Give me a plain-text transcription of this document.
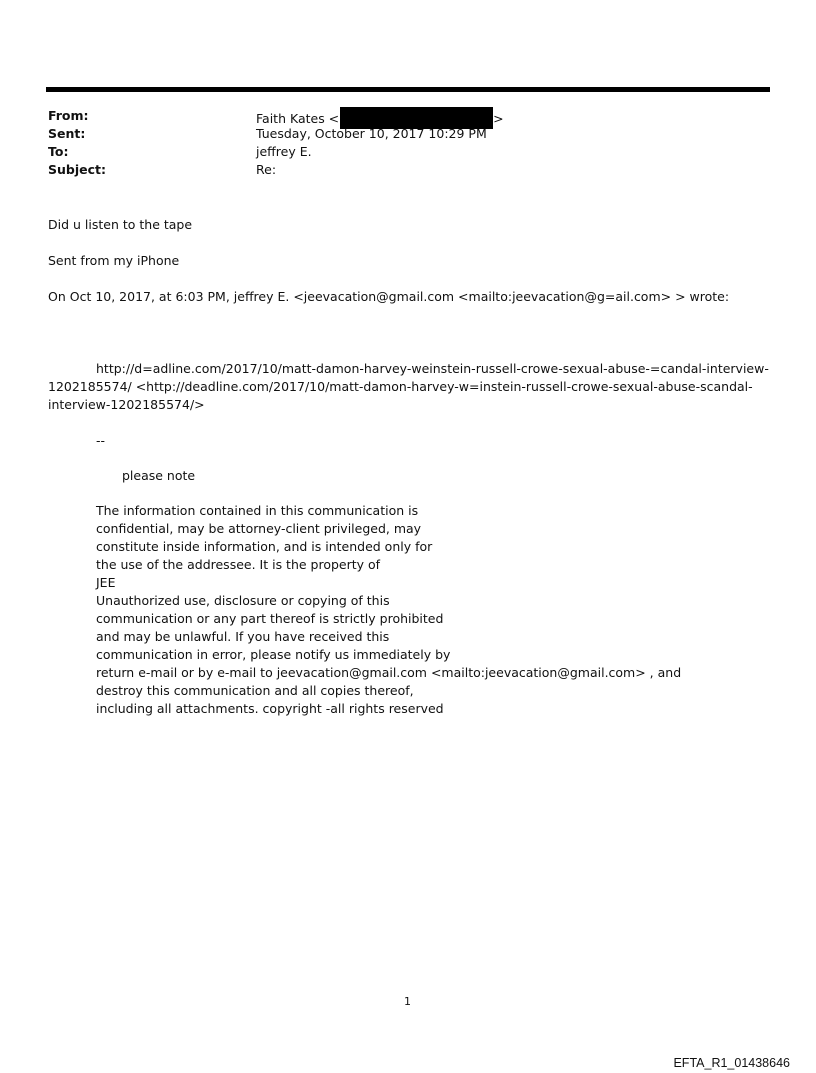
From:	Faith Kates <	>
Sent:	Tuesday, October 10, 2017 10:29 PM
To:	jeffrey E.
Subject:	Re:
Did u listen to the tape
Sent from my iPhone
On Oct 10, 2017, at 6:03 PM, jeffrey E. <jeevacation@gmail.com <mailto:jeevacation@g=ail.com> > wrote:
http://d=adline.com/2017/10/matt-damon-harvey-weinstein-russell-crowe-sexual-abuse-=candal-interview-
1202185574/ <http://deadline.com/2017/10/matt-damon-harvey-w=instein-russell-crowe-sexual-abuse-scandal-
interview-1202185574/>
--
please note
The information contained in this communication is
confidential, may be attorney-client privileged, may
constitute inside information, and is intended only for
the use of the addressee. It is the property of
JEE
Unauthorized use, disclosure or copying of this
communication or any part thereof is strictly prohibited
and may be unlawful. If you have received this
communication in error, please notify us immediately by
return e-mail or by e-mail to jeevacation@gmail.com <mailto:jeevacation@gmail.com> , and
destroy this communication and all copies thereof,
including all attachments. copyright -all rights reserved
1
EFTA_R1_01438646
